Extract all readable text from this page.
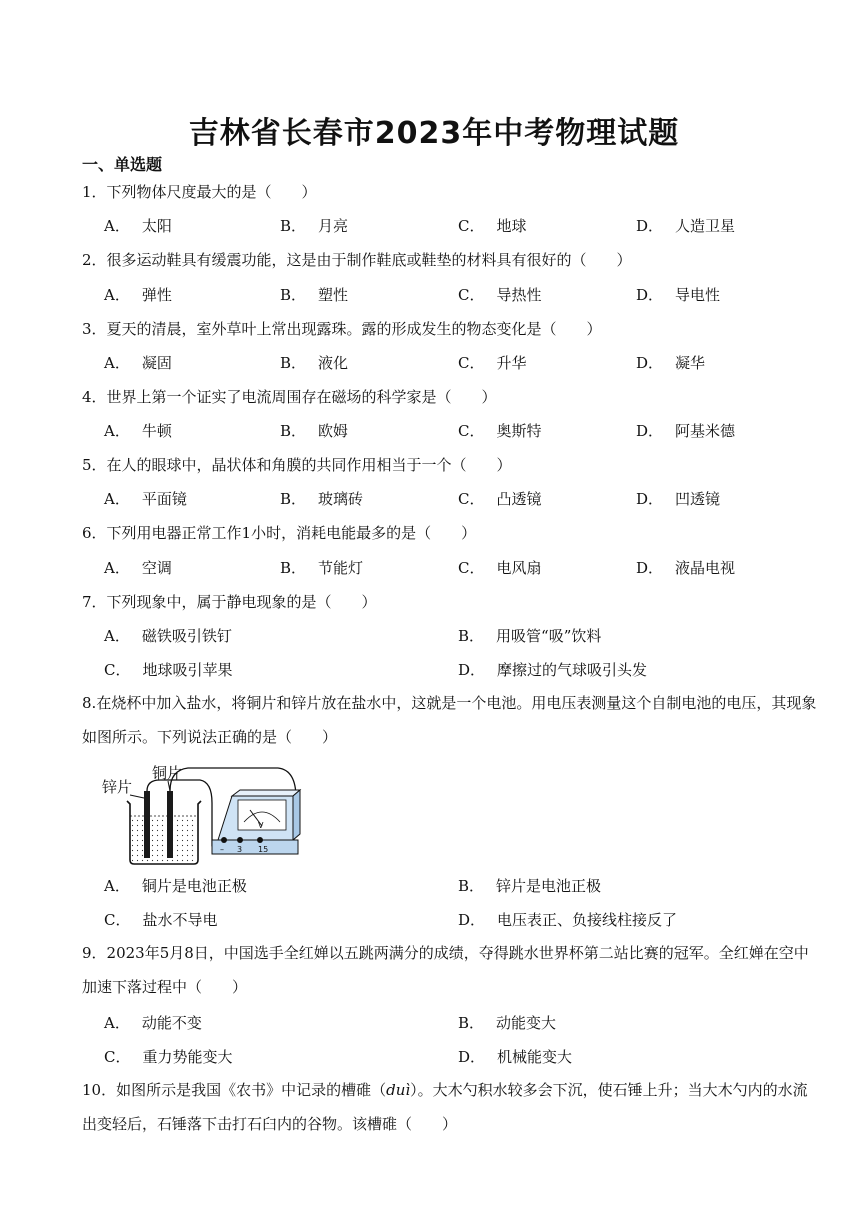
吉林省长春市2023年中考物理试题
一、单选题
1．下列物体尺度最大的是（　　）
A． 太阳	B． 月亮	C． 地球	D． 人造卫星
2．很多运动鞋具有缓震功能，这是由于制作鞋底或鞋垫的材料具有很好的（　　）
A． 弹性	B． 塑性	C． 导热性	D． 导电性
3．夏天的清晨，室外草叶上常出现露珠。露的形成发生的物态变化是（　　）
A． 凝固	B． 液化	C． 升华	D． 凝华
4．世界上第一个证实了电流周围存在磁场的科学家是（　　）
A． 牛顿	B． 欧姆	C． 奥斯特	D． 阿基米德
5．在人的眼球中，晶状体和角膜的共同作用相当于一个（　　）
A． 平面镜	B． 玻璃砖	C． 凸透镜	D． 凹透镜
6．下列用电器正常工作1小时，消耗电能最多的是（　　）
A． 空调	B． 节能灯	C． 电风扇	D． 液晶电视
7．下列现象中，属于静电现象的是（　　）
A． 磁铁吸引铁钉	B． 用吸管“吸”饮料
C． 地球吸引苹果	D． 摩擦过的气球吸引头发
8.在烧杯中加入盐水，将铜片和锌片放在盐水中，这就是一个电池。用电压表测量这个自制电池的电压，其现象如图所示。下列说法正确的是（　　）
锌片
铜片
V
– 3 15
A． 铜片是电池正极	B． 锌片是电池正极
C． 盐水不导电	D． 电压表正、负接线柱接反了
9．2023年5月8日，中国选手全红婵以五跳两满分的成绩，夺得跳水世界杯第二站比赛的冠军。全红婵在空中加速下落过程中（　　）
A． 动能不变	B． 动能变大
C． 重力势能变大	D． 机械能变大
10．如图所示是我国《农书》中记录的槽碓（duì）。大木勺积水较多会下沉，使石锤上升；当大木勺内的水流出变轻后，石锤落下击打石臼内的谷物。该槽碓（　　）
